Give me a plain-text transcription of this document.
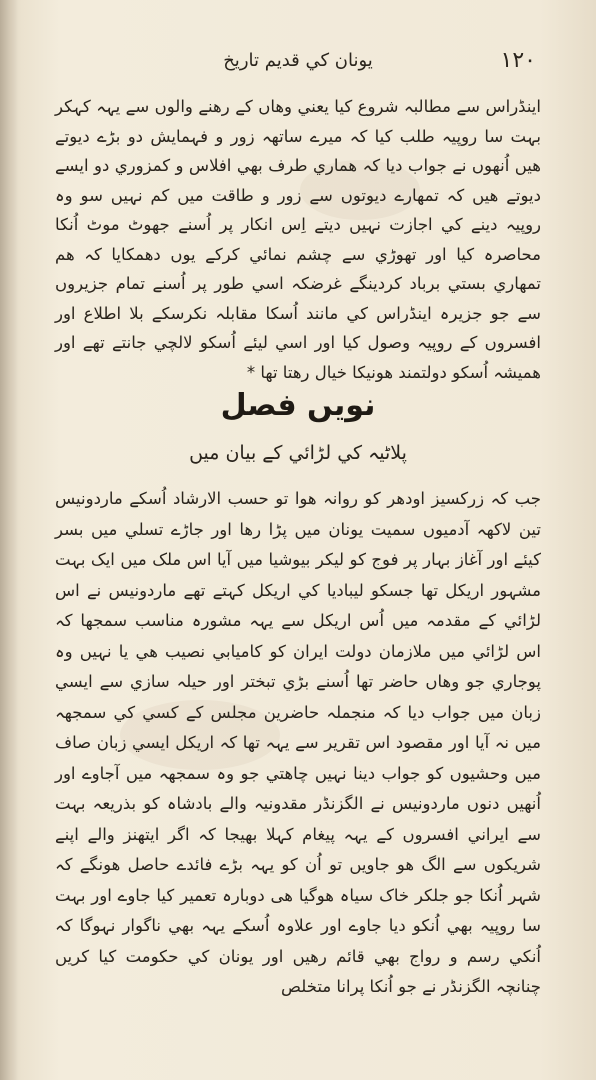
۱۲۰
یونان کي قدیم تاریخ
اینڈراس سے مطالبہ شروع کیا یعني وھاں کے رھنے والوں سے یہہ کہکر بہت سا روپیہ طلب کیا کہ میرے ساتھہ زور و فہمایش دو بڑے دیوتے ھیں اُنھوں نے جواب دیا کہ ھماري طرف بھي افلاس و کمزوري دو ایسے دیوتے ھیں کہ تمھارے دیوتوں سے زور و طاقت میں کم نہیں سو وہ روپیہ دینے کي اجازت نہیں دیتے اِس انکار پر اُسنے جھوٹ موٹ اُنکا محاصرہ کیا اور تھوڑي سے چشم نمائي کرکے یوں دھمکایا کہ ھم تمھاري بستي برباد کردینگے غرضکہ اسي طور پر اُسنے تمام جزیروں سے جو جزیرہ اینڈراس کي مانند اُسکا مقابلہ نکرسکے بلا اطلاع اور افسروں کے روپیہ وصول کیا اور اسي لیئے اُسکو لالچي جانتے تھے اور ھمیشہ اُسکو دولتمند ھونیکا خیال رھتا تھا *
نویں فصل
پلاٹیہ کي لڑائي کے بیان میں
جب کہ زرکسیز اودھر کو روانہ ھوا تو حسب الارشاد اُسکے ماردونیس تین لاکھہ آدمیوں سمیت یونان میں پڑا رھا اور جاڑے تسلي میں بسر کیئے اور آغاز بہار پر فوج کو لیکر بیوشیا میں آیا اس ملک میں ایک بہت مشہور اریکل تھا جسکو لیبادیا کي اریکل کہتے تھے ماردونیس نے اس لڑائي کے مقدمہ میں اُس اریکل سے یہہ مشورہ مناسب سمجھا کہ اس لڑائي میں ملازمان دولت ایران کو کامیابي نصیب ھي یا نہیں وہ پوجاري جو وھاں حاضر تھا اُسنے بڑي تبختر اور حیلہ سازي سے ایسي زبان میں جواب دیا کہ منجملہ حاضرین مجلس کے کسي کي سمجھہ میں نہ آیا اور مقصود اس تقریر سے یہہ تھا کہ اریکل ایسي زبان صاف میں وحشیوں کو جواب دینا نہیں چاھتي جو وہ سمجھہ میں آجاوے اور اُنھیں دنوں ماردونیس نے الگزنڈر مقدونیہ والے بادشاہ کو بذریعہ بہت سے ایراني افسروں کے یہہ پیغام کہلا بھیجا کہ اگر ایتھنز والے اپنے شریکوں سے الگ ھو جاویں تو اُن کو یہہ بڑے فائدے حاصل ھونگے کہ شہر اُنکا جو جلکر خاک سیاہ ھوگیا ھی دوبارہ تعمیر کیا جاوے اور بہت سا روپیہ بھي اُنکو دیا جاوے اور علاوہ اُسکے یہہ بھي ناگوار نہوگا کہ اُنکي رسم و رواج بھي قائم رھیں اور یونان کي حکومت کیا کریں چنانچہ الگزنڈر نے جو اُنکا پرانا متخلص
